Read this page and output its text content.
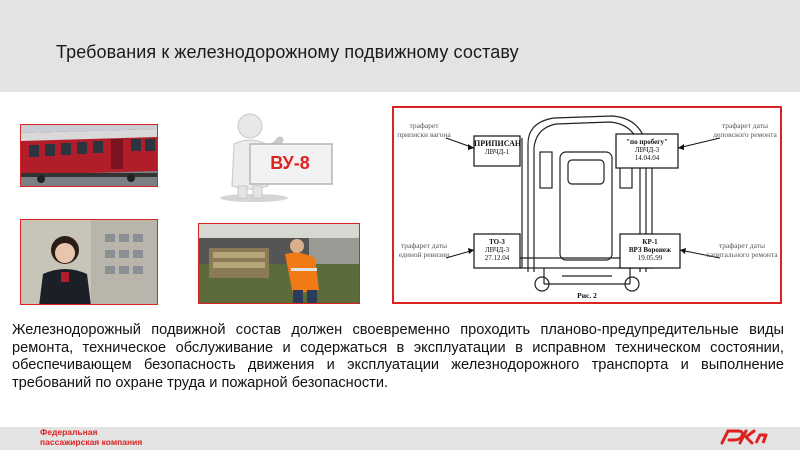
Требования к железнодорожному подвижному составу
ВУ-8
трафарет приписки вагона
трафарет даты деповского ремонта
трафарет даты единой ревизии
трафарет даты капитального ремонта
ПРИПИСАН
ЛВЧД-1
"по пробегу"
ЛВЧД-3
14.04.04
ТО-3
ЛВЧД-3
27.12.04
КР-1
ВРЗ Воронеж
19.05.99
Рис. 2
Железнодорожный подвижной состав должен своевременно проходить планово-предупредительные виды ремонта, техническое обслуживание и содержаться в эксплуатации в исправном техническом состоянии, обеспечивающем безопасность движения и эксплуатации железнодорожного транспорта и выполнение требований по охране труда и пожарной безопасности.
Федеральная
пассажирская компания
